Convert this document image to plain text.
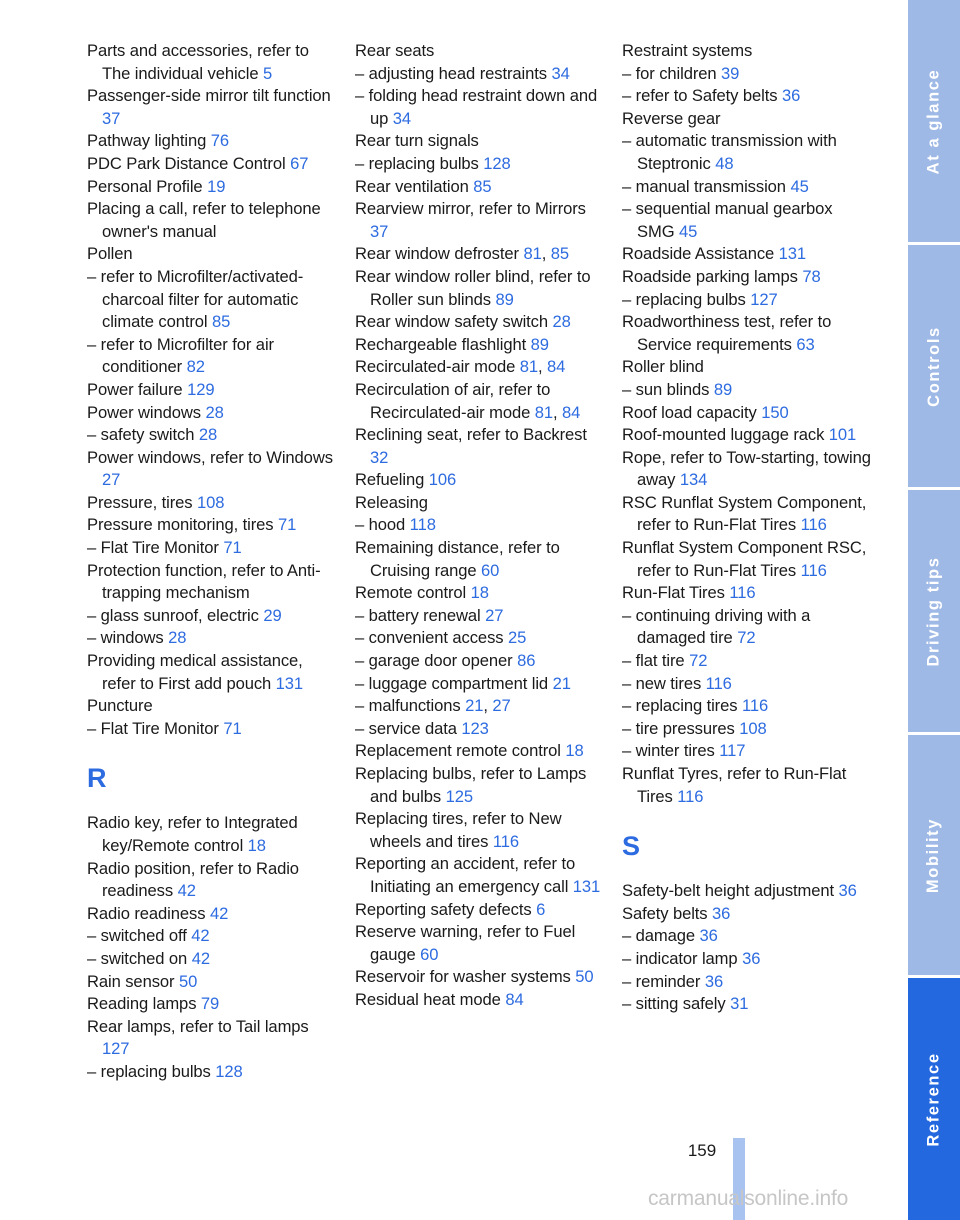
Parts and accessories, refer to The individual vehicle 5
Passenger-side mirror tilt function 37
Pathway lighting 76
PDC Park Distance Control 67
Personal Profile 19
Placing a call, refer to telephone owner's manual
Pollen
– refer to Microfilter/activated-charcoal filter for automatic climate control 85
– refer to Microfilter for air conditioner 82
Power failure 129
Power windows 28
– safety switch 28
Power windows, refer to Windows 27
Pressure, tires 108
Pressure monitoring, tires 71
– Flat Tire Monitor 71
Protection function, refer to Anti-trapping mechanism
– glass sunroof, electric 29
– windows 28
Providing medical assistance, refer to First add pouch 131
Puncture
– Flat Tire Monitor 71
R
Radio key, refer to Integrated key/Remote control 18
Radio position, refer to Radio readiness 42
Radio readiness 42
– switched off 42
– switched on 42
Rain sensor 50
Reading lamps 79
Rear lamps, refer to Tail lamps 127
– replacing bulbs 128
Rear seats
– adjusting head restraints 34
– folding head restraint down and up 34
Rear turn signals
– replacing bulbs 128
Rear ventilation 85
Rearview mirror, refer to Mirrors 37
Rear window defroster 81, 85
Rear window roller blind, refer to Roller sun blinds 89
Rear window safety switch 28
Rechargeable flashlight 89
Recirculated-air mode 81, 84
Recirculation of air, refer to Recirculated-air mode 81, 84
Reclining seat, refer to Backrest 32
Refueling 106
Releasing
– hood 118
Remaining distance, refer to Cruising range 60
Remote control 18
– battery renewal 27
– convenient access 25
– garage door opener 86
– luggage compartment lid 21
– malfunctions 21, 27
– service data 123
Replacement remote control 18
Replacing bulbs, refer to Lamps and bulbs 125
Replacing tires, refer to New wheels and tires 116
Reporting an accident, refer to Initiating an emergency call 131
Reporting safety defects 6
Reserve warning, refer to Fuel gauge 60
Reservoir for washer systems 50
Residual heat mode 84
Restraint systems
– for children 39
– refer to Safety belts 36
Reverse gear
– automatic transmission with Steptronic 48
– manual transmission 45
– sequential manual gearbox SMG 45
Roadside Assistance 131
Roadside parking lamps 78
– replacing bulbs 127
Roadworthiness test, refer to Service requirements 63
Roller blind
– sun blinds 89
Roof load capacity 150
Roof-mounted luggage rack 101
Rope, refer to Tow-starting, towing away 134
RSC Runflat System Component, refer to Run-Flat Tires 116
Runflat System Component RSC, refer to Run-Flat Tires 116
Run-Flat Tires 116
– continuing driving with a damaged tire 72
– flat tire 72
– new tires 116
– replacing tires 116
– tire pressures 108
– winter tires 117
Runflat Tyres, refer to Run-Flat Tires 116
S
Safety-belt height adjustment 36
Safety belts 36
– damage 36
– indicator lamp 36
– reminder 36
– sitting safely 31
At a glance
Controls
Driving tips
Mobility
Reference
159
carmanualsonline.info
